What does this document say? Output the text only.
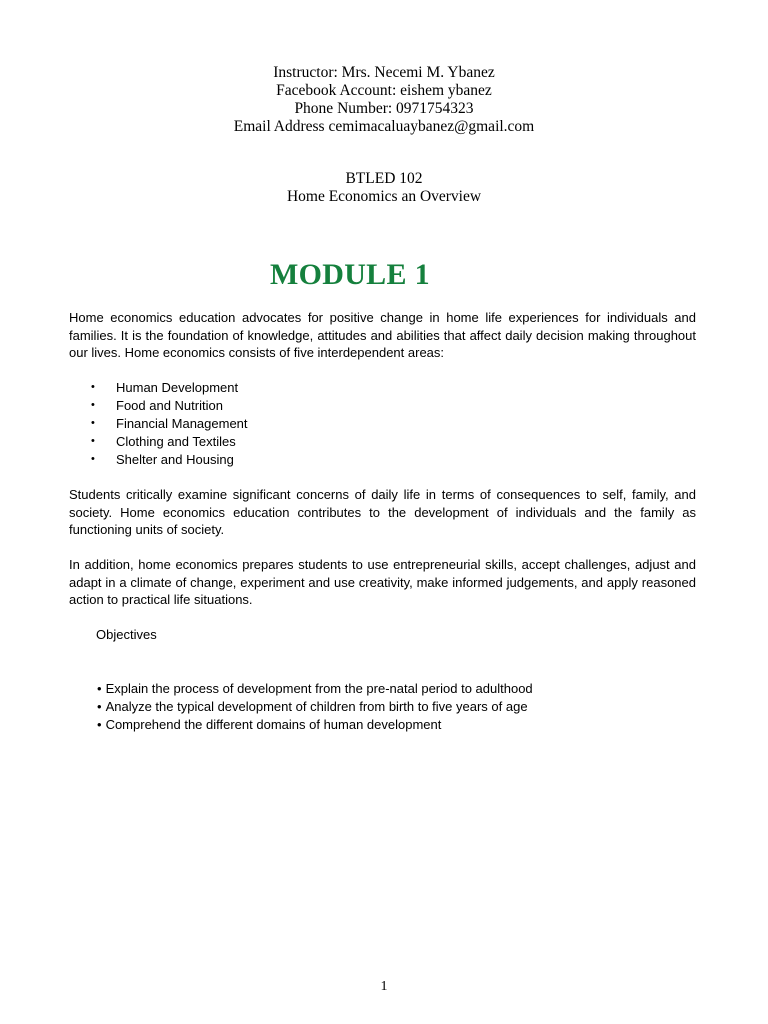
Instructor: Mrs. Necemi M. Ybanez
Facebook Account: eishem ybanez
Phone Number: 0971754323
Email Address cemimacaluaybanez@gmail.com
BTLED 102
Home Economics an Overview
MODULE 1

Home economics education advocates for positive change in home life experiences for individuals and families. It is the foundation of knowledge, attitudes and abilities that affect daily decision making throughout our lives. Home economics consists of five interdependent areas:

• Human Development
• Food and Nutrition
• Financial Management
• Clothing and Textiles
• Shelter and Housing

Students critically examine significant concerns of daily life in terms of consequences to self, family, and society. Home economics education contributes to the development of individuals and the family as functioning units of society.

In addition, home economics prepares students to use entrepreneurial skills, accept challenges, adjust and adapt in a climate of change, experiment and use creativity, make informed judgements, and apply reasoned action to practical life situations.

Objectives
• Explain the process of development from the pre-natal period to adulthood
• Analyze the typical development of children from birth to five years of age
• Comprehend the different domains of human development
1
